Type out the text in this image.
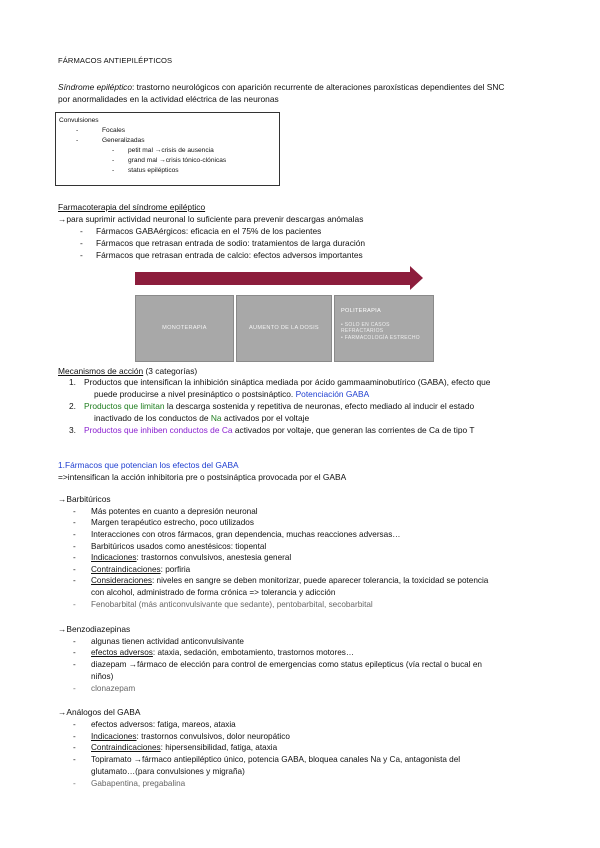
FÁRMACOS ANTIEPILÉPTICOS
Síndrome epiléptico: trastorno neurológicos con aparición recurrente de alteraciones paroxísticas dependientes del SNC
por anormalidades en la actividad eléctrica de las neuronas
Convulsiones
-	Focales
-	Generalizadas
- petit mal →crisis de ausencia
- grand mal →crisis tónico-clónicas
- status epilépticos
Farmacoterapia del síndrome epiléptico
→para suprimir actividad neuronal lo suficiente para prevenir descargas anómalas
- Fármacos GABAérgicos: eficacia en el 75% de los pacientes
- Fármacos que retrasan entrada de sodio: tratamientos de larga duración
- Fármacos que retrasan entrada de calcio: efectos adversos importantes
MONOTERAPIA	AUMENTO DE LA DOSIS
POLITERAPIA
• SOLO EN CASOS REFRACTARIOS
• FARMACOLOGÍA ESTRECHO
Mecanismos de acción (3 categorías)
1. Productos que intensifican la inhibición sináptica mediada por ácido gammaaminobutírico (GABA), efecto que
puede producirse a nivel presináptico o postsináptico. Potenciación GABA
2. Productos que limitan la descarga sostenida y repetitiva de neuronas, efecto mediado al inducir el estado
inactivado de los conductos de Na activados por el voltaje
3. Productos que inhiben conductos de Ca activados por voltaje, que generan las corrientes de Ca de tipo T
1.Fármacos que potencian los efectos del GABA
=>intensifican la acción inhibitoria pre o postsináptica provocada por el GABA
→Barbitúricos
- Más potentes en cuanto a depresión neuronal
- Margen terapéutico estrecho, poco utilizados
- Interacciones con otros fármacos, gran dependencia, muchas reacciones adversas…
- Barbitúricos usados como anestésicos: tiopental
- Indicaciones: trastornos convulsivos, anestesia general
- Contraindicaciones: porfiria
- Consideraciones: niveles en sangre se deben monitorizar, puede aparecer tolerancia, la toxicidad se potencia
con alcohol, administrado de forma crónica => tolerancia y adicción
- Fenobarbital (más anticonvulsivante que sedante), pentobarbital, secobarbital
→Benzodiazepinas
- algunas tienen actividad anticonvulsivante
- efectos adversos: ataxia, sedación, embotamiento, trastornos motores…
- diazepam →fármaco de elección para control de emergencias como status epilepticus (vía rectal o bucal en
niños)
- clonazepam
→Análogos del GABA
- efectos adversos: fatiga, mareos, ataxia
- Indicaciones: trastornos convulsivos, dolor neuropático
- Contraindicaciones: hipersensibilidad, fatiga, ataxia
- Topiramato →fármaco antiepiléptico único, potencia GABA, bloquea canales Na y Ca, antagonista del
glutamato…(para convulsiones y migraña)
- Gabapentina, pregabalina
